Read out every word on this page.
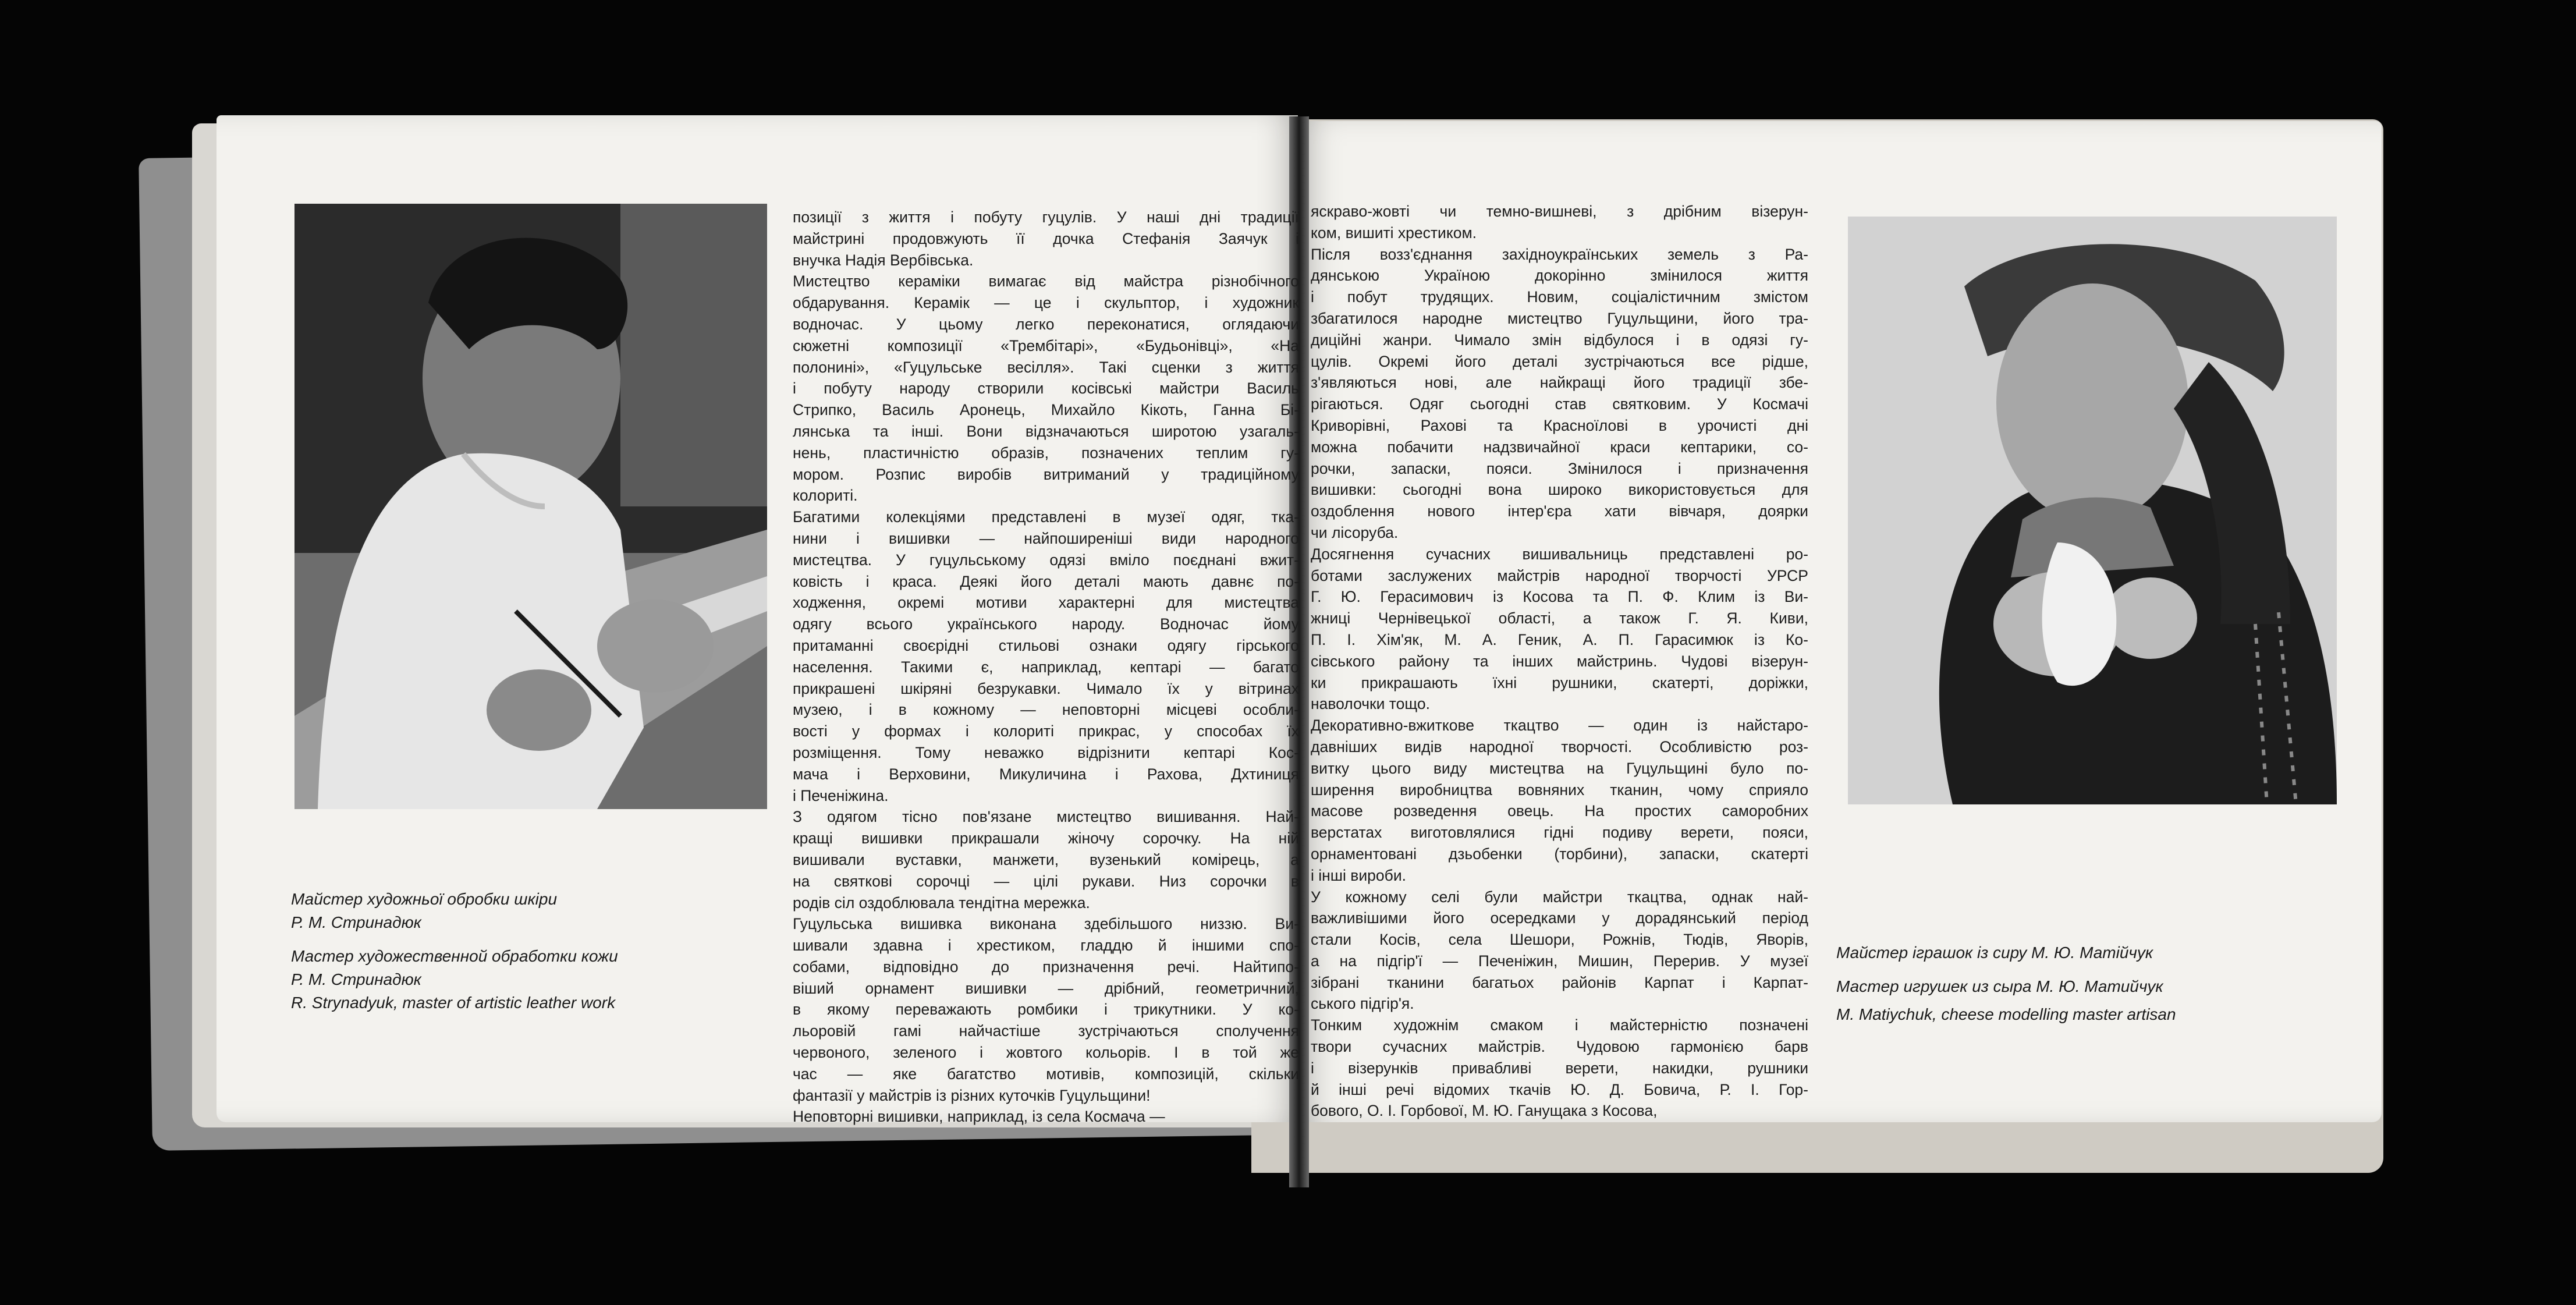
Майстер художньої обробки шкіри
Р. М. Стринадюк
Мастер художественной обработки кожи
Р. М. Стринадюк
R. Strynadyuk, master of artistic leather work
Майстер іграшок із сиру М. Ю. Матійчук
Мастер игрушек из сыра М. Ю. Матийчук
M. Matiychuk, cheese modelling master artisan
позиції з життя і побуту гуцулів. У наші дні традиції
майстрині продовжують її дочка Стефанія Заячук і
внучка Надія Вербівська.
Мистецтво кераміки вимагає від майстра різнобічного
обдарування. Керамік — це і скульптор, і художник
водночас. У цьому легко переконатися, оглядаючи
сюжетні композиції «Трембітарі», «Будьонівці», «На
полонині», «Гуцульське весілля». Такі сценки з життя
і побуту народу створили косівські майстри Василь
Стрипко, Василь Аронець, Михайло Кікоть, Ганна Бі-
лянська та інші. Вони відзначаються широтою узагаль-
нень, пластичністю образів, позначених теплим гу-
мором. Розпис виробів витриманий у традиційному
колориті.
Багатими колекціями представлені в музеї одяг, тка-
нини і вишивки — найпоширеніші види народного
мистецтва. У гуцульському одязі вміло поєднані вжит-
ковість і краса. Деякі його деталі мають давнє по-
ходження, окремі мотиви характерні для мистецтва
одягу всього українського народу. Водночас йому
притаманні своєрідні стильові ознаки одягу гірського
населення. Такими є, наприклад, кептарі — багато
прикрашені шкіряні безрукавки. Чимало їх у вітринах
музею, і в кожному — неповторні місцеві особли-
вості у формах і колориті прикрас, у способах їх
розміщення. Тому неважко відрізнити кептарі Кос-
мача і Верховини, Микуличина і Рахова, Дхтиниця
і Печеніжина.
З одягом тісно пов'язане мистецтво вишивання. Най-
кращі вишивки прикрашали жіночу сорочку. На ній
вишивали вуставки, манжети, вузенький комірець, а
на святкові сорочці — цілі рукави. Низ сорочки в
родів сіл оздоблювала тендітна мережка.
Гуцульська вишивка виконана здебільшого низзю. Ви-
шивали здавна і хрестиком, гладдю й іншими спо-
собами, відповідно до призначення речі. Найтипо-
віший орнамент вишивки — дрібний, геометричний,
в якому переважають ромбики і трикутники. У ко-
льоровій гамі найчастіше зустрічаються сполучення
червоного, зеленого і жовтого кольорів. І в той же
час — яке багатство мотивів, композицій, скільки
фантазії у майстрів із різних куточків Гуцульщини!
Неповторні вишивки, наприклад, із села Космача —
яскраво-жовті чи темно-вишневі, з дрібним візерун-
ком, вишиті хрестиком.
Після возз'єднання західноукраїнських земель з Ра-
дянською Україною докорінно змінилося життя
і побут трудящих. Новим, соціалістичним змістом
збагатилося народне мистецтво Гуцульщини, його тра-
диційні жанри. Чимало змін відбулося і в одязі гу-
цулів. Окремі його деталі зустрічаються все рідше,
з'являються нові, але найкращі його традиції збе-
рігаються. Одяг сьогодні став святковим. У Космачі
Криворівні, Рахові та Красноїлові в урочисті дні
можна побачити надзвичайної краси кептарики, со-
рочки, запаски, пояси. Змінилося і призначення
вишивки: сьогодні вона широко використовується для
оздоблення нового інтер'єра хати вівчаря, доярки
чи лісоруба.
Досягнення сучасних вишивальниць представлені ро-
ботами заслужених майстрів народної творчості УРСР
Г. Ю. Герасимович із Косова та П. Ф. Клим із Ви-
жниці Чернівецької області, а також Г. Я. Киви,
П. І. Хім'як, М. А. Геник, А. П. Гарасимюк із Ко-
сівського району та інших майстринь. Чудові візерун-
ки прикрашають їхні рушники, скатерті, доріжки,
наволочки тощо.
Декоративно-вжиткове ткацтво — один із найстаро-
давніших видів народної творчості. Особливістю роз-
витку цього виду мистецтва на Гуцульщині було по-
ширення виробництва вовняних тканин, чому сприяло
масове розведення овець. На простих саморобних
верстатах виготовлялися гідні подиву верети, пояси,
орнаментовані дзьобенки (торбини), запаски, скатерті
і інші вироби.
У кожному селі були майстри ткацтва, однак най-
важливішими його осередками у дорадянський період
стали Косів, села Шешори, Рожнів, Тюдів, Яворів,
а на підгір'ї — Печеніжин, Мишин, Перерив. У музеї
зібрані тканини багатьох районів Карпат і Карпат-
ського підгір'я.
Тонким художнім смаком і майстерністю позначені
твори сучасних майстрів. Чудовою гармонією барв
і візерунків привабливі верети, накидки, рушники
й інші речі відомих ткачів Ю. Д. Бовича, Р. І. Гор-
бового, О. І. Горбової, М. Ю. Ганущака з Косова,
